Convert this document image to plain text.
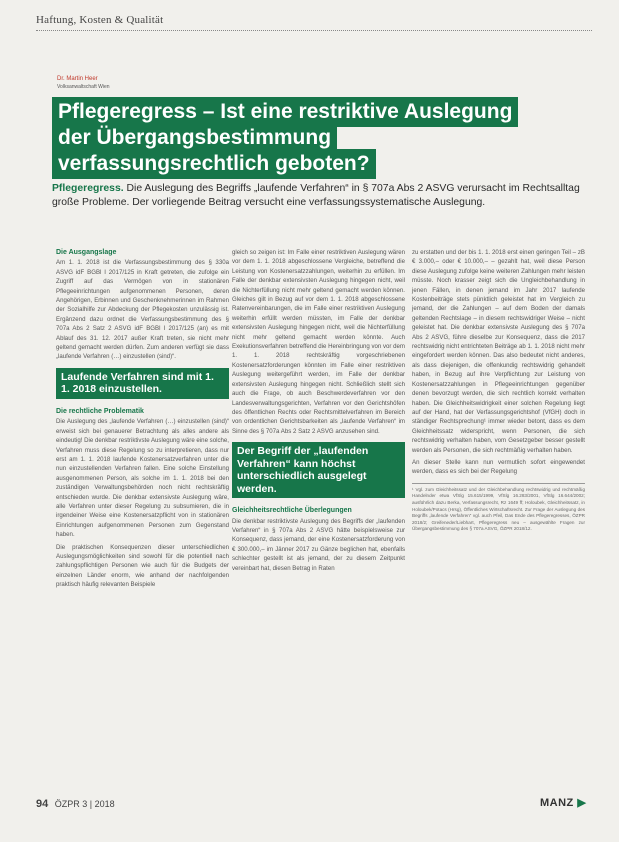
Haftung, Kosten & Qualität
Dr. Martin Heer
Volksanwaltschaft Wien
Pflegeregress – Ist eine restriktive Auslegung
der Übergangsbestimmung
verfassungsrechtlich geboten?
Pflegeregress. Die Auslegung des Begriffs „laufende Verfahren“ in § 707a Abs 2 ASVG verursacht im Rechtsalltag große Probleme. Der vorliegende Beitrag versucht eine verfassungssystematische Auslegung.
Die Ausgangslage

Am 1. 1. 2018 ist die Verfassungsbestimmung des § 330a ASVG idF BGBl I 2017/125 in Kraft getreten, die zufolge ein Zugriff auf das Vermögen von in stationären Pflegeeinrichtungen aufgenommenen Personen, deren Angehörigen, Erbinnen und Geschenknehmerinnen im Rahmen der Sozialhilfe zur Abdeckung der Pflegekosten unzulässig ist. Ergänzend dazu ordnet die Verfassungsbestimmung des § 707a Abs 2 Satz 2 ASVG idF BGBl I 2017/125 (an) es mit Ablauf des 31. 12. 2017 außer Kraft treten, sie nicht mehr geltend gemacht werden dürfen. Zum anderen verfügt sie dass „laufende Verfahren (…) einzustellen (sind)“.

Laufende Verfahren sind mit 1. 1. 2018 einzustellen.
Die rechtliche Problematik

Die Auslegung des „laufende Verfahren (…) einzustellen (sind)“ erweist sich bei genauerer Betrachtung als alles andere als eindeutig! Die denkbar restriktivste Auslegung wäre eine solche, Verfahren muss diese Regelung so zu interpretieren, dass nur erst am 1. 1. 2018 laufende Kostenersatzverfahren unter die nun einzustellenden Verfahren fallen. Eine solche Einstellung ausgenommenen Person, als solche im 1. 1. 2018 bei den zuständigen Verwaltungsbehörden noch nicht rechtskräftig entschieden wurde. Die denkbar extensivste Auslegung wäre, alle Verfahren unter dieser Regelung zu subsumieren, die in irgendeiner Weise eine Kostenersatzpflicht von in stationären Einrichtungen aufgenommenen Personen zum Gegenstand haben.

Die praktischen Konsequenzen dieser unterschiedlichen Auslegungsmöglichkeiten sind sowohl für die potentiell nach zahlungspflichtigen Personen wie auch für die Budgets der einzelnen Länder enorm, wie anhand der nachfolgenden praktisch häufig relevanten Beispiele

gleich so zeigen ist: Im Falle einer restriktiven Auslegung wären vor dem 1. 1. 2018 abgeschlossene Vergleiche, betreffend die Leistung von Kostenersatzzahlungen, weiterhin zu erfüllen. Im Falle der denkbar extensivsten Auslegung hingegen nicht, weil die Nichterfüllung nicht mehr geltend gemacht werden können. Gleiches gilt in Bezug auf vor dem 1. 1. 2018 abgeschlossene Ratenvereinbarungen, die im Falle einer restriktiven Auslegung weiterhin erfüllt werden müssten, im Falle der denkbar extensivsten Auslegung hingegen nicht, weil die Nichterfüllung nicht mehr geltend gemacht werden könnte. Auch Exekutionsverfahren betreffend die Hereinbringung von vor dem 1. 1. 2018 rechtskräftig vorgeschriebenen Kostenersatzforderungen könnten im Falle einer restriktiven Auslegung weitergeführt werden, im Falle der denkbar extensivsten Auslegung hingegen nicht. Schließlich stellt sich auch die Frage, ob auch Beschwerdeverfahren vor den Landesverwaltungsgerichten, Verfahren vor den Gerichtshöfen des öffentlichen Rechts oder Rechtsmittelverfahren im Bereich von ordentlichen Gerichtsbarkeiten als „laufende Verfahren“ im Sinne des § 707a Abs 2 Satz 2 ASVG anzusehen sind.

Der Begriff der „laufenden Verfahren“ kann höchst unterschiedlich ausgelegt werden.
Gleichheitsrechtliche Überlegungen

Die denkbar restriktivste Auslegung des Begriffs der „laufenden Verfahren“ in § 707a Abs 2 ASVG hätte beispielsweise zur Konsequenz, dass jemand, der eine Kostenersatzforderung von € 300.000,– im Jänner 2017 zu Gänze beglichen hat, ebenfalls schlechter gestellt ist als jemand, der zu diesem Zeitpunkt vereinbart hat, diesen Betrag in Raten

zu erstatten und der bis 1. 1. 2018 erst einen geringen Teil – zB € 3.000,– oder € 10.000,– – gezahlt hat, weil diese Person diese Auslegung zufolge keine weiteren Zahlungen mehr leisten müsste. Noch krasser zeigt sich die Ungleichbehandlung in jenen Fällen, in denen jemand im Jahr 2017 laufende Kostenbeiträge stets pünktlich geleistet hat im Vergleich zu jemand, der die Zahlungen – auf dem Boden der damals geltenden Rechtslage – in diesem rechtswidriger Weise – nicht geleistet hat. Die denkbar extensivste Auslegung des § 707a Abs 2 ASVG, führe dieselbe zur Konsequenz, dass die 2017 rechtswidrig nicht entrichteten Beiträge ab 1. 1. 2018 nicht mehr eingefordert werden können. Das also bedeutet nicht anderes, als dass diejenigen, die offenkundig rechtswidrig gehandelt haben, in Bezug auf ihre Verpflichtung zur Leistung von Kostenersatzzahlungen in Pflegeeinrichtungen gegenüber denen bevorzugt werden, die sich rechtlich korrekt verhalten haben. Die Gleichheitswidrigkeit einer solchen Regelung liegt auf der Hand, hat der Verfassungsgerichtshof (VfGH) doch in ständiger Rechtsprechung¹ immer wieder betont, dass es dem Gleichheitssatz widerspricht, wenn Personen, die sich rechtswidrig verhalten haben, vom Gesetzgeber besser gestellt werden als Personen, die sich rechtmäßig verhalten haben.

An dieser Stelle kann nun vermutlich sofort eingewendet werden, dass es sich bei der Regelung

¹ Vgl. zum Gleichheitssatz und der Gleichbehandlung rechtswidrig und rechtmäßig Handelnder etwa VfSlg 15.615/1999, VfSlg 16.283/2001, VfSlg 16.644/2002; ausführlich dazu Berka, Verfassungsrecht, Rz 1649 ff; Holoubek, Gleichheitssatz, in Holoubek/Potacs (Hrsg), Öffentliches Wirtschaftsrecht. Zur Frage der Auslegung des Begriffs „laufende Verfahren“ vgl. auch Pfeil, Das Ende des Pflegeregresses, ÖZPR 2018/2; Greifeneder/Liebhart, Pflegeregress neu – ausgewählte Fragen zur Übergangsbestimmung des § 707a ASVG, ÖZPR 2018/12.
94 ÖZPR 3 | 2018	MANZ ▶
